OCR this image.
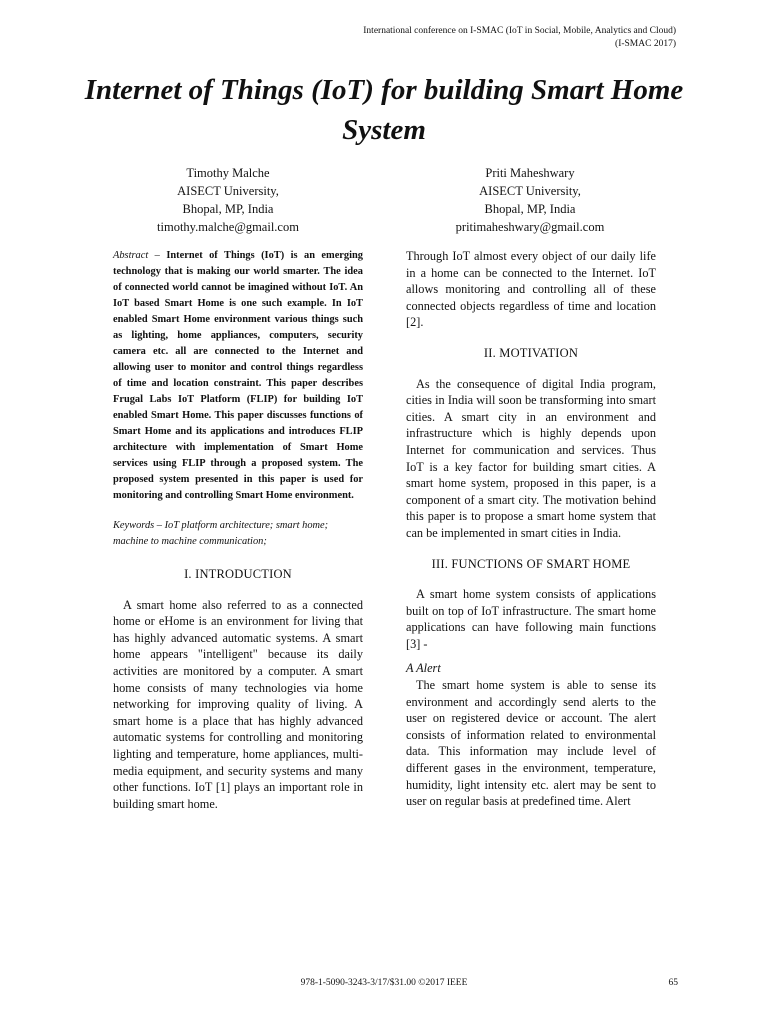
International conference on I-SMAC (IoT in Social, Mobile, Analytics and Cloud)
(I-SMAC 2017)
Internet of Things (IoT) for building Smart Home System
Timothy Malche
AISECT University,
Bhopal, MP, India
timothy.malche@gmail.com
Priti Maheshwary
AISECT University,
Bhopal, MP, India
pritimaheshwary@gmail.com

Abstract – Internet of Things (IoT) is an emerging technology that is making our world smarter. The idea of connected world cannot be imagined without IoT. An IoT based Smart Home is one such example. In IoT enabled Smart Home environment various things such as lighting, home appliances, computers, security camera etc. all are connected to the Internet and allowing user to monitor and control things regardless of time and location constraint. This paper describes Frugal Labs IoT Platform (FLIP) for building IoT enabled Smart Home. This paper discusses functions of Smart Home and its applications and introduces FLIP architecture with implementation of Smart Home services using FLIP through a proposed system. The proposed system presented in this paper is used for monitoring and controlling Smart Home environment.

Keywords – IoT platform architecture; smart home; machine to machine communication;

I. INTRODUCTION

A smart home also referred to as a connected home or eHome is an environment for living that has highly advanced automatic systems. A smart home appears "intelligent" because its daily activities are monitored by a computer. A smart home consists of many technologies via home networking for improving quality of living. A smart home is a place that has highly advanced automatic systems for controlling and monitoring lighting and temperature, home appliances, multi-media equipment, and security systems and many other functions. IoT [1] plays an important role in building smart home.

Through IoT almost every object of our daily life in a home can be connected to the Internet. IoT allows monitoring and controlling all of these connected objects regardless of time and location [2].

II. MOTIVATION

As the consequence of digital India program, cities in India will soon be transforming into smart cities. A smart city in an environment and infrastructure which is highly depends upon Internet for communication and services. Thus IoT is a key factor for building smart cities. A smart home system, proposed in this paper, is a component of a smart city. The motivation behind this paper is to propose a smart home system that can be implemented in smart cities in India.

III. FUNCTIONS OF SMART HOME

A smart home system consists of applications built on top of IoT infrastructure. The smart home applications can have following main functions [3] -

A Alert

The smart home system is able to sense its environment and accordingly send alerts to the user on registered device or account. The alert consists of information related to environmental data. This information may include level of different gases in the environment, temperature, humidity, light intensity etc. alert may be sent to user on regular basis at predefined time. Alert

978-1-5090-3243-3/17/$31.00 ©2017 IEEE	65
